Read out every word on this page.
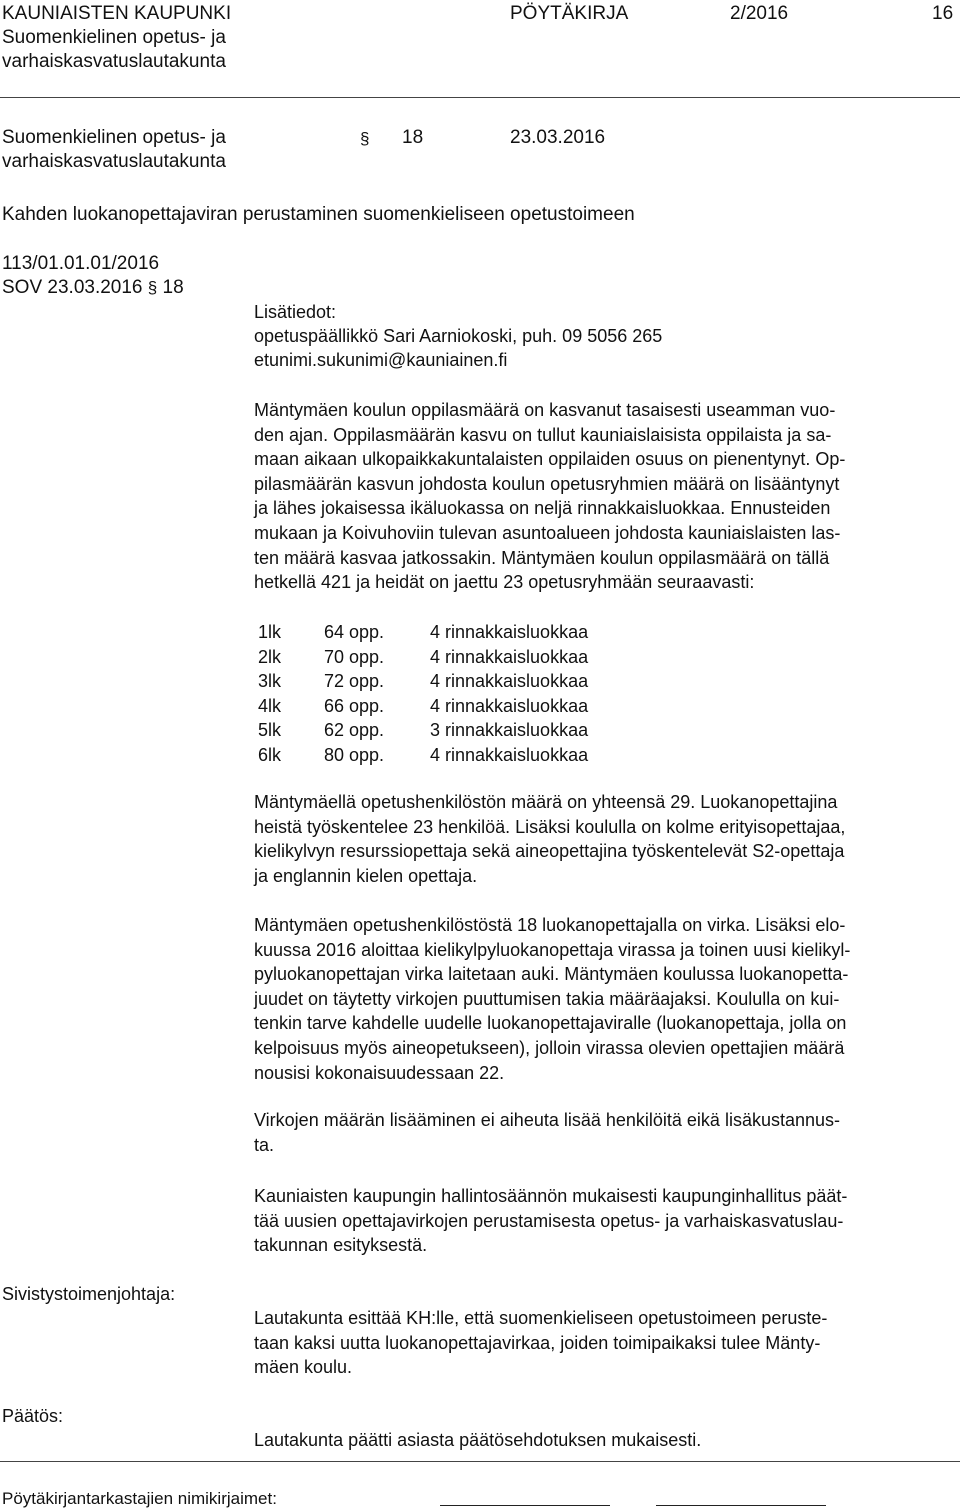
KAUNIAISTEN KAUPUNKI
Suomenkielinen opetus- ja
varhaiskasvatuslautakunta
PÖYTÄKIRJA	2/2016	16
Suomenkielinen opetus- ja
varhaiskasvatuslautakunta
§ 18	23.03.2016
Kahden luokanopettajaviran perustaminen suomenkieliseen opetustoimeen
113/01.01.01/2016
SOV 23.03.2016 § 18
Lisätiedot:
opetuspäällikkö Sari Aarniokoski, puh. 09 5056 265
etunimi.sukunimi@kauniainen.fi
Mäntymäen koulun oppilasmäärä on kasvanut tasaisesti useamman vuo-
den ajan. Oppilasmäärän kasvu on tullut kauniaislaisista oppilaista ja sa-
maan aikaan ulkopaikkakuntalaisten oppilaiden osuus on pienentynyt. Op-
pilasmäärän kasvun johdosta koulun opetusryhmien määrä on lisääntynyt
ja lähes jokaisessa ikäluokassa on neljä rinnakkaisluokkaa. Ennusteiden
mukaan ja Koivuhoviin tulevan asuntoalueen johdosta kauniaislaisten las-
ten määrä kasvaa jatkossakin. Mäntymäen koulun oppilasmäärä on tällä
hetkellä 421 ja heidät on jaettu 23 opetusryhmään seuraavasti:
1lk 64 opp.	4 rinnakkaisluokkaa
2lk 70 opp.	4 rinnakkaisluokkaa
3lk 72 opp.	4 rinnakkaisluokkaa
4lk 66 opp.	4 rinnakkaisluokkaa
5lk 62 opp.	3 rinnakkaisluokkaa
6lk 80 opp.	4 rinnakkaisluokkaa
Mäntymäellä opetushenkilöstön määrä on yhteensä 29. Luokanopettajina
heistä työskentelee 23 henkilöä. Lisäksi koululla on kolme erityisopettajaa,
kielikylvyn resurssiopettaja sekä aineopettajina työskentelevät S2-opettaja
ja englannin kielen opettaja.
Mäntymäen opetushenkilöstöstä 18 luokanopettajalla on virka. Lisäksi elo-
kuussa 2016 aloittaa kielikylpyluokanopettaja virassa ja toinen uusi kielikyl-
pyluokanopettajan virka laitetaan auki. Mäntymäen koulussa luokanopetta-
juudet on täytetty virkojen puuttumisen takia määräajaksi. Koululla on kui-
tenkin tarve kahdelle uudelle luokanopettajaviralle (luokanopettaja, jolla on
kelpoisuus myös aineopetukseen), jolloin virassa olevien opettajien määrä
nousisi kokonaisuudessaan 22.
Virkojen määrän lisääminen ei aiheuta lisää henkilöitä eikä lisäkustannus-
ta.
Kauniaisten kaupungin hallintosäännön mukaisesti kaupunginhallitus päät-
tää uusien opettajavirkojen perustamisesta opetus- ja varhaiskasvatuslau-
takunnan esityksestä.
Sivistystoimenjohtaja:
Lautakunta esittää KH:lle, että suomenkieliseen opetustoimeen peruste-
taan kaksi uutta luokanopettajavirkaa, joiden toimipaikaksi tulee Mänty-
mäen koulu.
Päätös:
Lautakunta päätti asiasta päätösehdotuksen mukaisesti.
Pöytäkirjantarkastajien nimikirjaimet:
